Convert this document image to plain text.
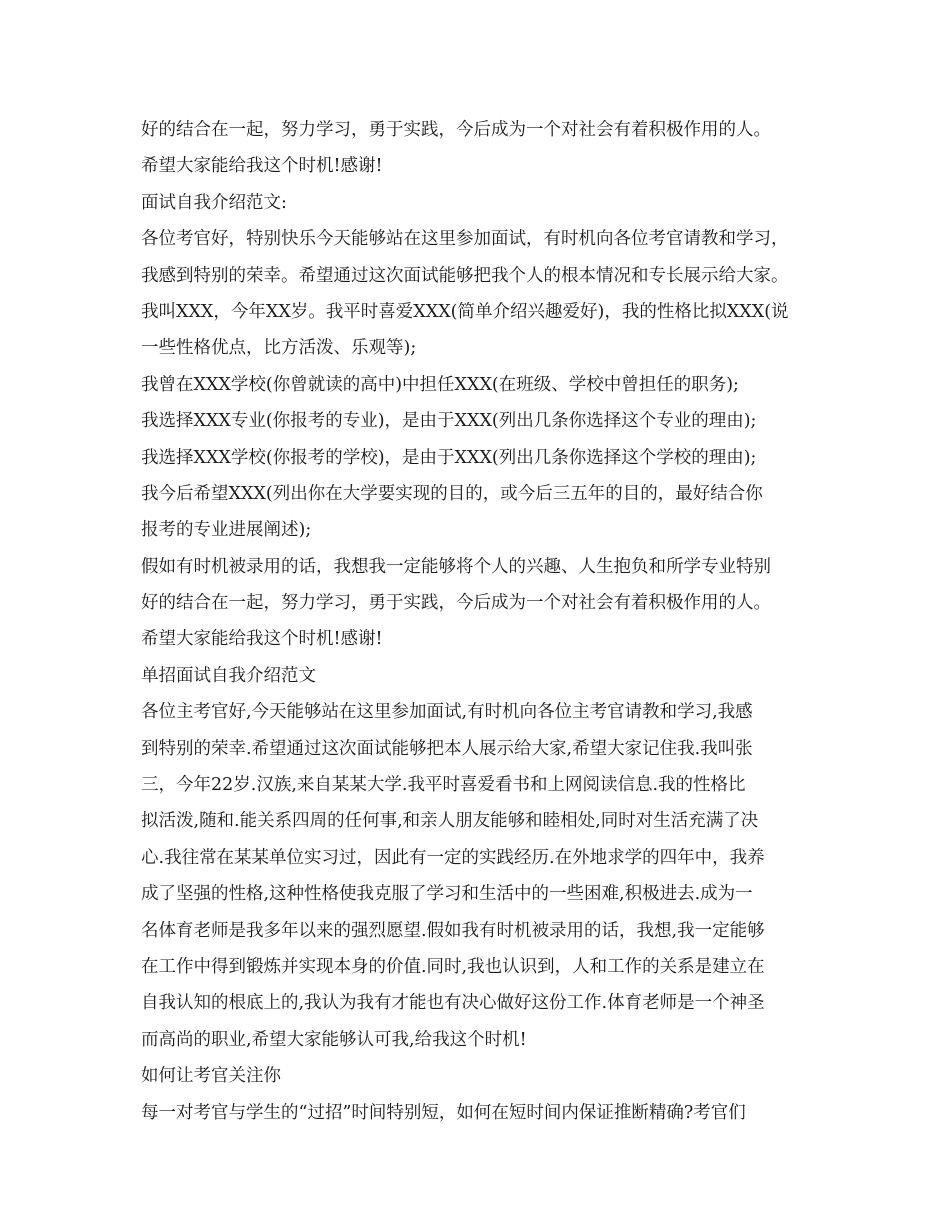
好的结合在一起，努力学习，勇于实践，今后成为一个对社会有着积极作用的人。
希望大家能给我这个时机!感谢!
面试自我介绍范文:
各位考官好，特别快乐今天能够站在这里参加面试，有时机向各位考官请教和学习，
我感到特别的荣幸。希望通过这次面试能够把我个人的根本情况和专长展示给大家。
我叫XXX，今年XX岁。我平时喜爱XXX(简单介绍兴趣爱好)，我的性格比拟XXX(说
一些性格优点，比方活泼、乐观等);
我曾在XXX学校(你曾就读的高中)中担任XXX(在班级、学校中曾担任的职务);
我选择XXX专业(你报考的专业)，是由于XXX(列出几条你选择这个专业的理由);
我选择XXX学校(你报考的学校)，是由于XXX(列出几条你选择这个学校的理由);
我今后希望XXX(列出你在大学要实现的目的，或今后三五年的目的，最好结合你
报考的专业进展阐述);
假如有时机被录用的话，我想我一定能够将个人的兴趣、人生抱负和所学专业特别
好的结合在一起，努力学习，勇于实践，今后成为一个对社会有着积极作用的人。
希望大家能给我这个时机!感谢!
单招面试自我介绍范文
各位主考官好,今天能够站在这里参加面试,有时机向各位主考官请教和学习,我感
到特别的荣幸.希望通过这次面试能够把本人展示给大家,希望大家记住我.我叫张
三，今年22岁.汉族,来自某某大学.我平时喜爱看书和上网阅读信息.我的性格比
拟活泼,随和.能关系四周的任何事,和亲人朋友能够和睦相处,同时对生活充满了决
心.我往常在某某单位实习过，因此有一定的实践经历.在外地求学的四年中，我养
成了坚强的性格,这种性格使我克服了学习和生活中的一些困难,积极进去.成为一
名体育老师是我多年以来的强烈愿望.假如我有时机被录用的话，我想,我一定能够
在工作中得到锻炼并实现本身的价值.同时,我也认识到，人和工作的关系是建立在
自我认知的根底上的,我认为我有才能也有决心做好这份工作.体育老师是一个神圣
而高尚的职业,希望大家能够认可我,给我这个时机!
如何让考官关注你
每一对考官与学生的“过招”时间特别短，如何在短时间内保证推断精确?考官们
